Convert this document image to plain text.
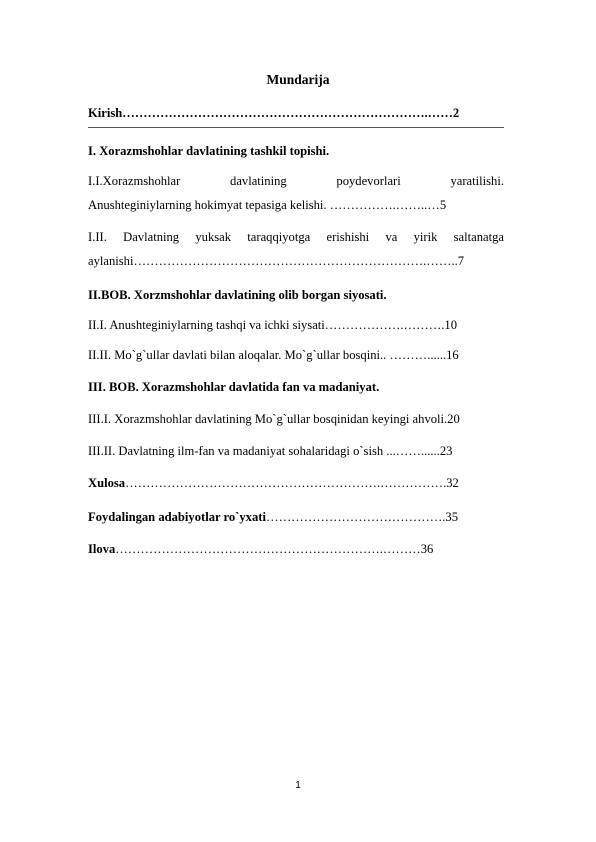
Mundarija
Kirish……………………………………………………………….……2
I. Xorazmshohlar davlatining tashkil topishi.
I.I.Xorazmshohlar	davlatining	poydevorlari	yaratilishi.
Anushteginiylarning hokimyat tepasiga kelishi. …………….……..…5
I.II. Davlatning yuksak taraqqiyotga erishishi va yirik saltanatga
aylanishi…………………………………………………………….……..7
II.BOB. Xorzmshohlar davlatining olib borgan siyosati.
II.I. Anushteginiylarning tashqi va ichki siysati……………….……….10
II.II. Mo`g`ullar davlati bilan aloqalar. Mo`g`ullar bosqini.. ………......16
III. BOB. Xorazmshohlar davlatida fan va madaniyat.
III.I. Xorazmshohlar davlatining Mo`g`ullar bosqinidan keyingi ahvoli.20
III.II. Davlatning ilm-fan va madaniyat sohalaridagi o`sish ...……......23
Xulosa…………………………………………………….…………….32
Foydalingan adabiyotlar ro`yxati…………………………………….35
Ilova……………………………………………………….………36
1
